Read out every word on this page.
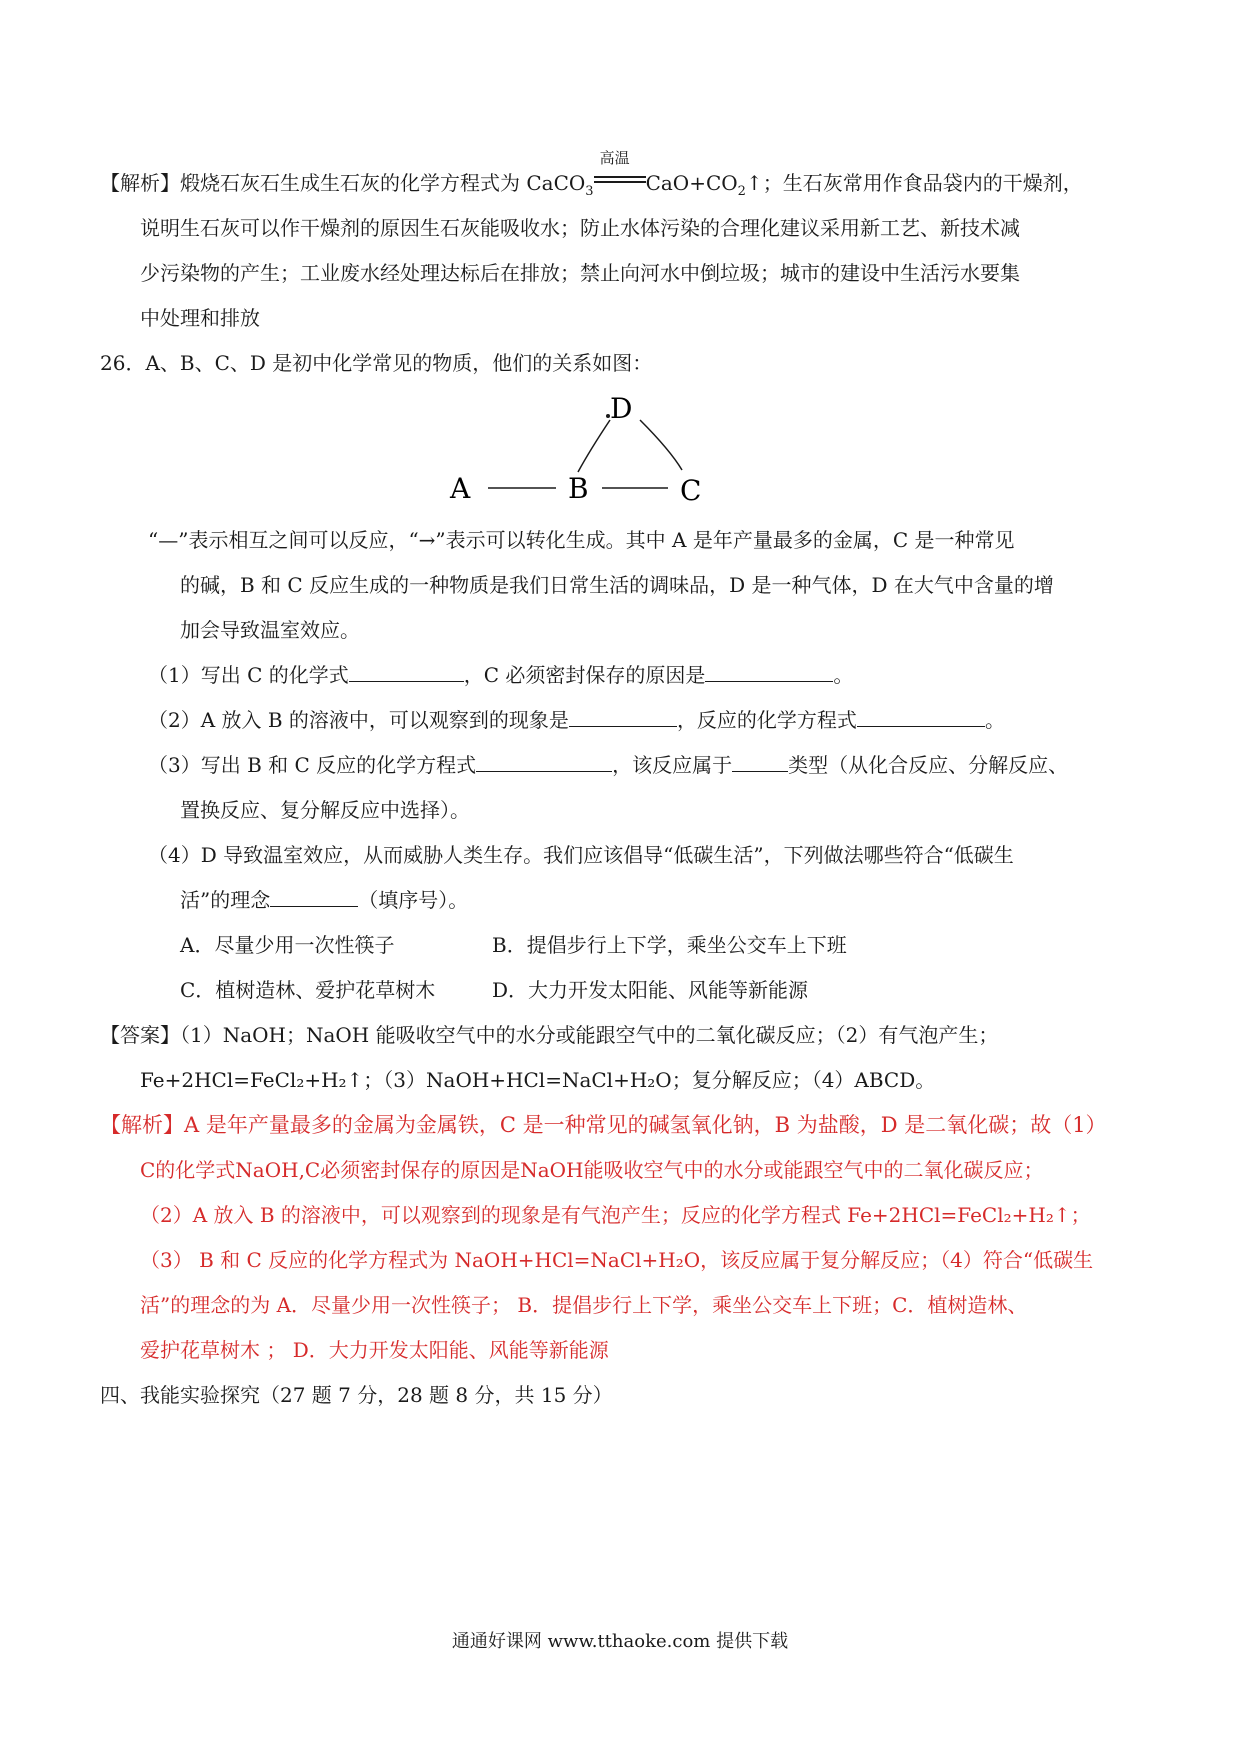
【解析】煅烧石灰石生成生石灰的化学方程式为 CaCO$_3$
高温
$CaO+CO_2↑$；生石灰常用作食品袋内的干燥剂，
说明生石灰可以作干燥剂的原因生石灰能吸收水；防止水体污染的合理化建议采用新工艺、新技术减
少污染物的产生；工业废水经处理达标后在排放；禁止向河水中倒垃圾；城市的建设中生活污水要集
中处理和排放
26．A、B、C、D 是初中化学常见的物质，他们的关系如图：
D
A	B	C
“—”表示相互之间可以反应，“→”表示可以转化生成。其中 A 是年产量最多的金属，C 是一种常见
的碱，B 和 C 反应生成的一种物质是我们日常生活的调味品，D 是一种气体，D 在大气中含量的增
加会导致温室效应。
（1）写出 C 的化学式	，C 必须密封保存的原因是	。
（2）A 放入 B 的溶液中，可以观察到的现象是	，反应的化学方程式	。
（3）写出 B 和 C 反应的化学方程式	，该反应属于	类型（从化合反应、分解反应、
置换反应、复分解反应中选择）。
（4）D 导致温室效应，从而威胁人类生存。我们应该倡导“低碳生活”，下列做法哪些符合“低碳生
活”的理念	（填序号）。
A．尽量少用一次性筷子	B．提倡步行上下学，乘坐公交车上下班
C．植树造林、爱护花草树木	D．大力开发太阳能、风能等新能源
【答案】（1）NaOH；NaOH 能吸收空气中的水分或能跟空气中的二氧化碳反应；（2）有气泡产生；
Fe+2HCl=FeCl₂+H₂↑；（3）NaOH+HCl=NaCl+H₂O；复分解反应；（4）ABCD。
【解析】A 是年产量最多的金属为金属铁，C 是一种常见的碱氢氧化钠，B 为盐酸，D 是二氧化碳；故（1）
C的化学式NaOH,C必须密封保存的原因是NaOH能吸收空气中的水分或能跟空气中的二氧化碳反应；
（2）A 放入 B 的溶液中，可以观察到的现象是有气泡产生；反应的化学方程式 Fe+2HCl=FeCl₂+H₂↑；
（3） B 和 C 反应的化学方程式为 NaOH+HCl=NaCl+H₂O，该反应属于复分解反应；（4）符合“低碳生
活”的理念的为 A．尽量少用一次性筷子； B．提倡步行上下学，乘坐公交车上下班；C．植树造林、
爱护花草树木 ； D．大力开发太阳能、风能等新能源
四、我能实验探究（27 题 7 分，28 题 8 分，共 15 分）
通通好课网 www.tthaoke.com 提供下载
